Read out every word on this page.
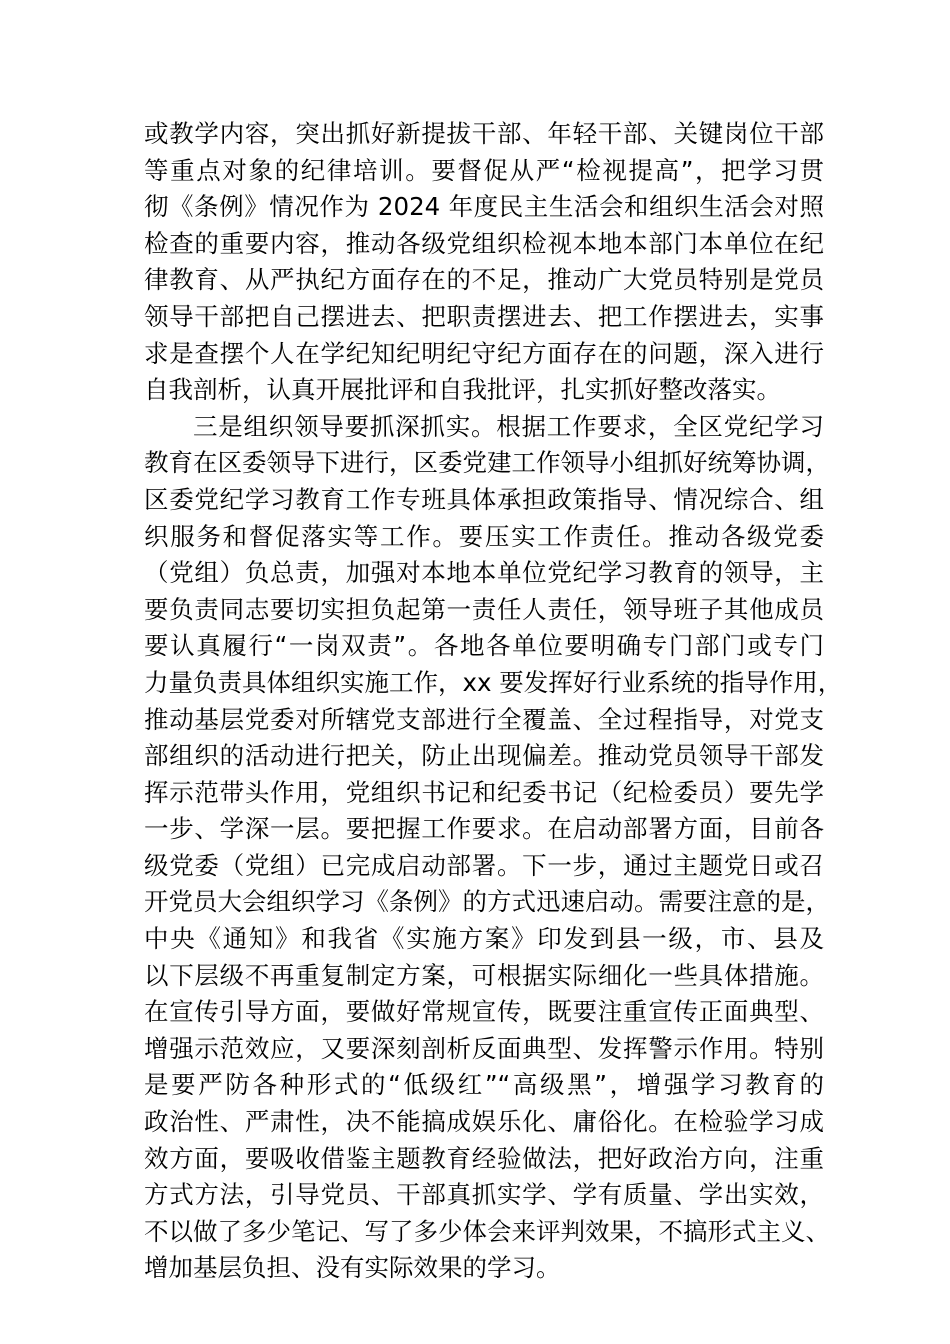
或教学内容，突出抓好新提拔干部、年轻干部、关键岗位干部
等重点对象的纪律培训。要督促从严“检视提高”，把学习贯
彻《条例》情况作为 2024 年度民主生活会和组织生活会对照
检查的重要内容，推动各级党组织检视本地本部门本单位在纪
律教育、从严执纪方面存在的不足，推动广大党员特别是党员
领导干部把自己摆进去、把职责摆进去、把工作摆进去，实事
求是查摆个人在学纪知纪明纪守纪方面存在的问题，深入进行
自我剖析，认真开展批评和自我批评，扎实抓好整改落实。
三是组织领导要抓深抓实。根据工作要求，全区党纪学习
教育在区委领导下进行，区委党建工作领导小组抓好统筹协调，
区委党纪学习教育工作专班具体承担政策指导、情况综合、组
织服务和督促落实等工作。要压实工作责任。推动各级党委
（党组）负总责，加强对本地本单位党纪学习教育的领导，主
要负责同志要切实担负起第一责任人责任，领导班子其他成员
要认真履行“一岗双责”。各地各单位要明确专门部门或专门
力量负责具体组织实施工作，xx 要发挥好行业系统的指导作用，
推动基层党委对所辖党支部进行全覆盖、全过程指导，对党支
部组织的活动进行把关，防止出现偏差。推动党员领导干部发
挥示范带头作用，党组织书记和纪委书记（纪检委员）要先学
一步、学深一层。要把握工作要求。在启动部署方面，目前各
级党委（党组）已完成启动部署。下一步，通过主题党日或召
开党员大会组织学习《条例》的方式迅速启动。需要注意的是，
中央《通知》和我省《实施方案》印发到县一级，市、县及
以下层级不再重复制定方案，可根据实际细化一些具体措施。
在宣传引导方面，要做好常规宣传，既要注重宣传正面典型、
增强示范效应，又要深刻剖析反面典型、发挥警示作用。特别
是要严防各种形式的“低级红”“高级黑”，增强学习教育的
政治性、严肃性，决不能搞成娱乐化、庸俗化。在检验学习成
效方面，要吸收借鉴主题教育经验做法，把好政治方向，注重
方式方法，引导党员、干部真抓实学、学有质量、学出实效，
不以做了多少笔记、写了多少体会来评判效果，不搞形式主义、
增加基层负担、没有实际效果的学习。
